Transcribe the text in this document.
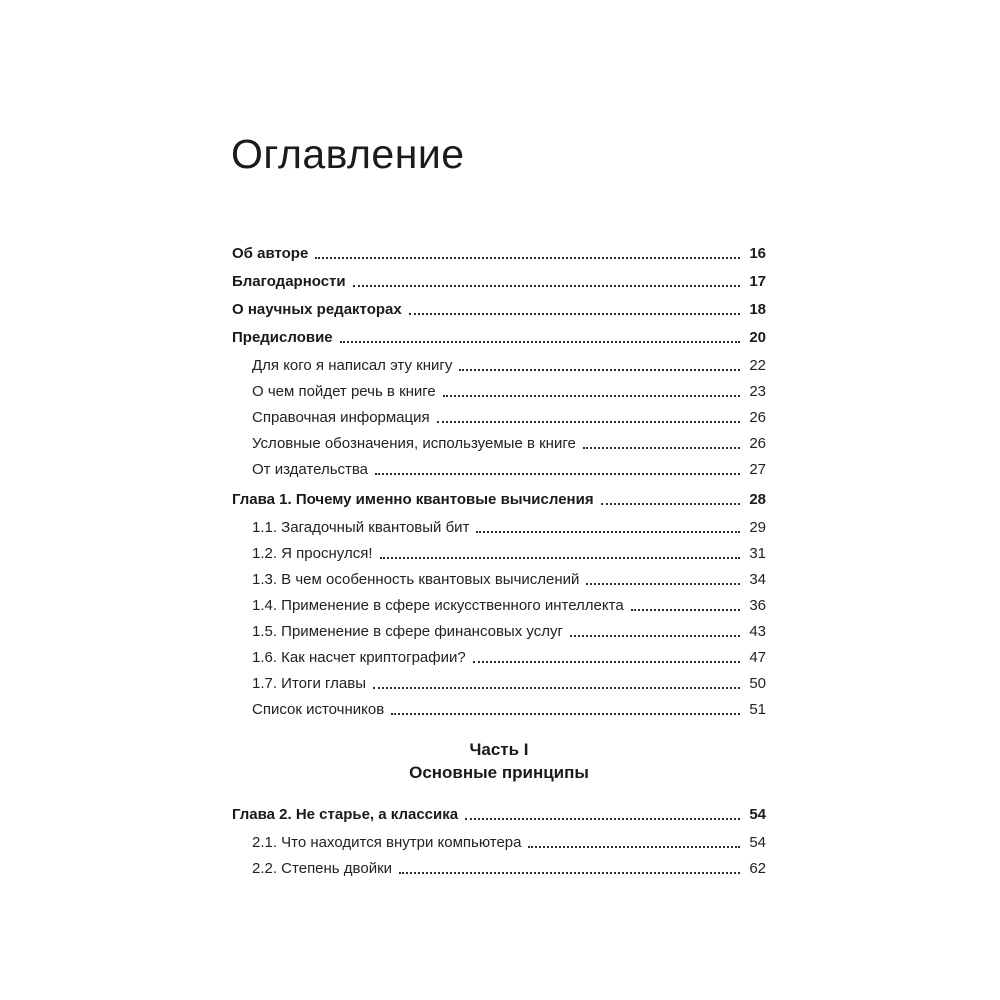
Оглавление
Об авторе	16
Благодарности	17
О научных редакторах	18
Предисловие	20
Для кого я написал эту книгу	22
О чем пойдет речь в книге	23
Справочная информация	26
Условные обозначения, используемые в книге	26
От издательства	27
Глава 1. Почему именно квантовые вычисления	28
1.1. Загадочный квантовый бит	29
1.2. Я проснулся!	31
1.3. В чем особенность квантовых вычислений	34
1.4. Применение в сфере искусственного интеллекта	36
1.5. Применение в сфере финансовых услуг	43
1.6. Как насчет криптографии?	47
1.7. Итоги главы	50
Список источников	51
Часть I
Основные принципы
Глава 2. Не старье, а классика	54
2.1. Что находится внутри компьютера	54
2.2. Степень двойки	62
